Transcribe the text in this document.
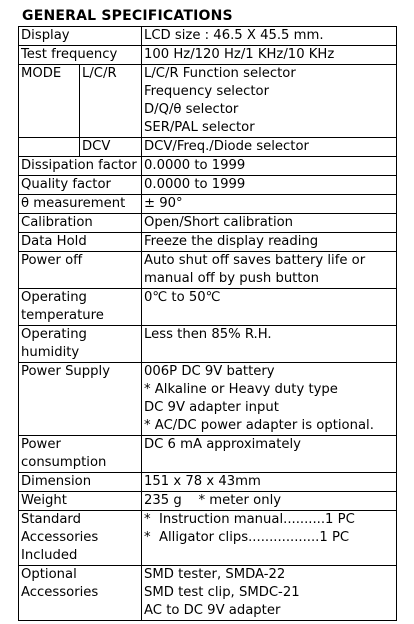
GENERAL SPECIFICATIONS
Display		LCD size : 46.5 X 45.5 mm.
Test frequency		100 Hz/120 Hz/1 KHz/10 KHz
MODE	L/C/R	L/C/R Function selector
Frequency selector
D/Q/θ selector
SER/PAL selector

	DCV	DCV/Freq./Diode selector
Dissipation factor		0.0000 to 1999
Quality factor		0.0000 to 1999
θ measurement		± 90°
Calibration		Open/Short calibration
Data Hold		Freeze the display reading
Power off		Auto shut off saves battery life or
manual off by push button

Operating
temperature		0℃ to 50℃

Operating
humidity		Less then 85% R.H.
Power Supply		006P DC 9V battery
* Alkaline or Heavy duty type
DC 9V adapter input
* AC/DC power adapter is optional.

Power
consumption		DC 6 mA approximately
Dimension		151 x 78 x 43mm
Weight		235 g    * meter only

Standard
Accessories
Included		*  Instruction manual..........1 PC
*  Alligator clips.................1 PC

Optional
Accessories		SMD tester, SMDA-22
SMD test clip, SMDC-21
AC to DC 9V adapter
